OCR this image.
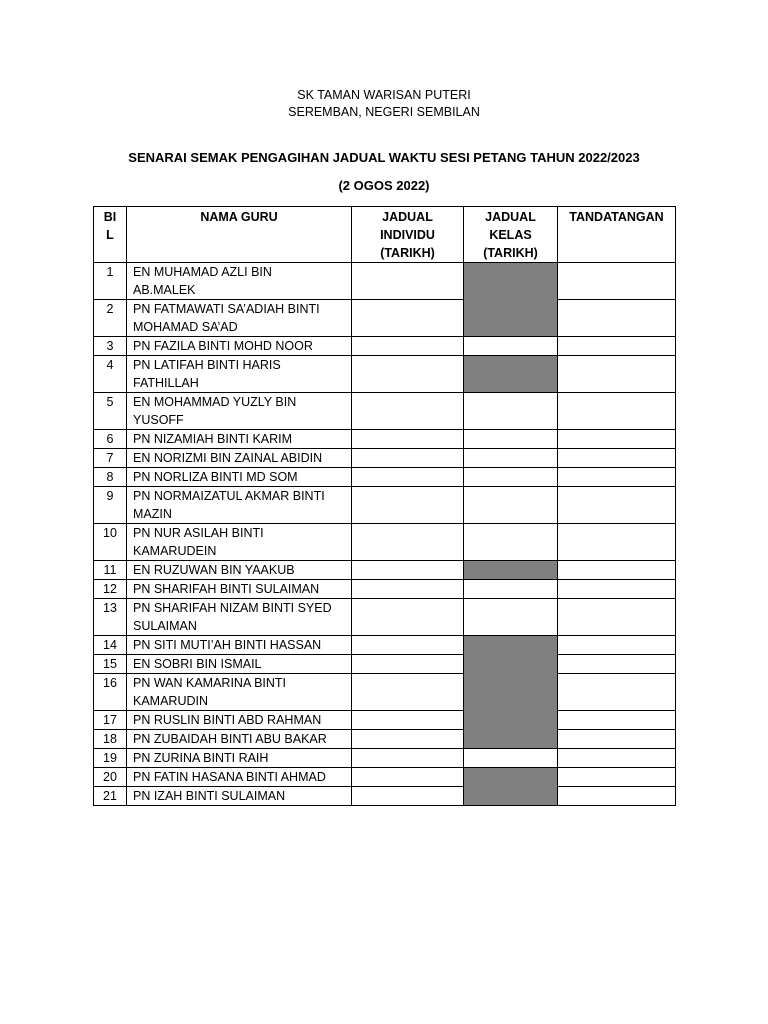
SK TAMAN WARISAN PUTERI
SEREMBAN, NEGERI SEMBILAN
SENARAI SEMAK PENGAGIHAN JADUAL WAKTU SESI PETANG TAHUN 2022/2023
(2 OGOS 2022)
BI
L	NAMA GURU	JADUAL
INDIVIDU
(TARIKH)	JADUAL
KELAS
(TARIKH)	TANDATANGAN
1	EN MUHAMAD AZLI BIN
AB.MALEK			
2	PN FATMAWATI SA’ADIAH BINTI
MOHAMAD SA’AD			
3	PN FAZILA BINTI MOHD NOOR			
4	PN LATIFAH BINTI HARIS
FATHILLAH			
5	EN MOHAMMAD YUZLY BIN
YUSOFF			
6	PN NIZAMIAH BINTI KARIM			
7	EN NORIZMI BIN ZAINAL ABIDIN			
8	PN NORLIZA BINTI MD SOM			
9	PN NORMAIZATUL AKMAR BINTI
MAZIN			
10	PN NUR ASILAH BINTI
KAMARUDEIN			
11	EN RUZUWAN BIN YAAKUB			
12	PN SHARIFAH BINTI SULAIMAN			
13	PN SHARIFAH NIZAM BINTI SYED
SULAIMAN			
14	PN SITI MUTI’AH BINTI HASSAN			
15	EN SOBRI BIN ISMAIL			
16	PN WAN KAMARINA BINTI
KAMARUDIN			
17	PN RUSLIN BINTI ABD RAHMAN			
18	PN ZUBAIDAH BINTI ABU BAKAR			
19	PN ZURINA BINTI RAIH			
20	PN FATIN HASANA BINTI AHMAD			
21	PN IZAH BINTI SULAIMAN			
